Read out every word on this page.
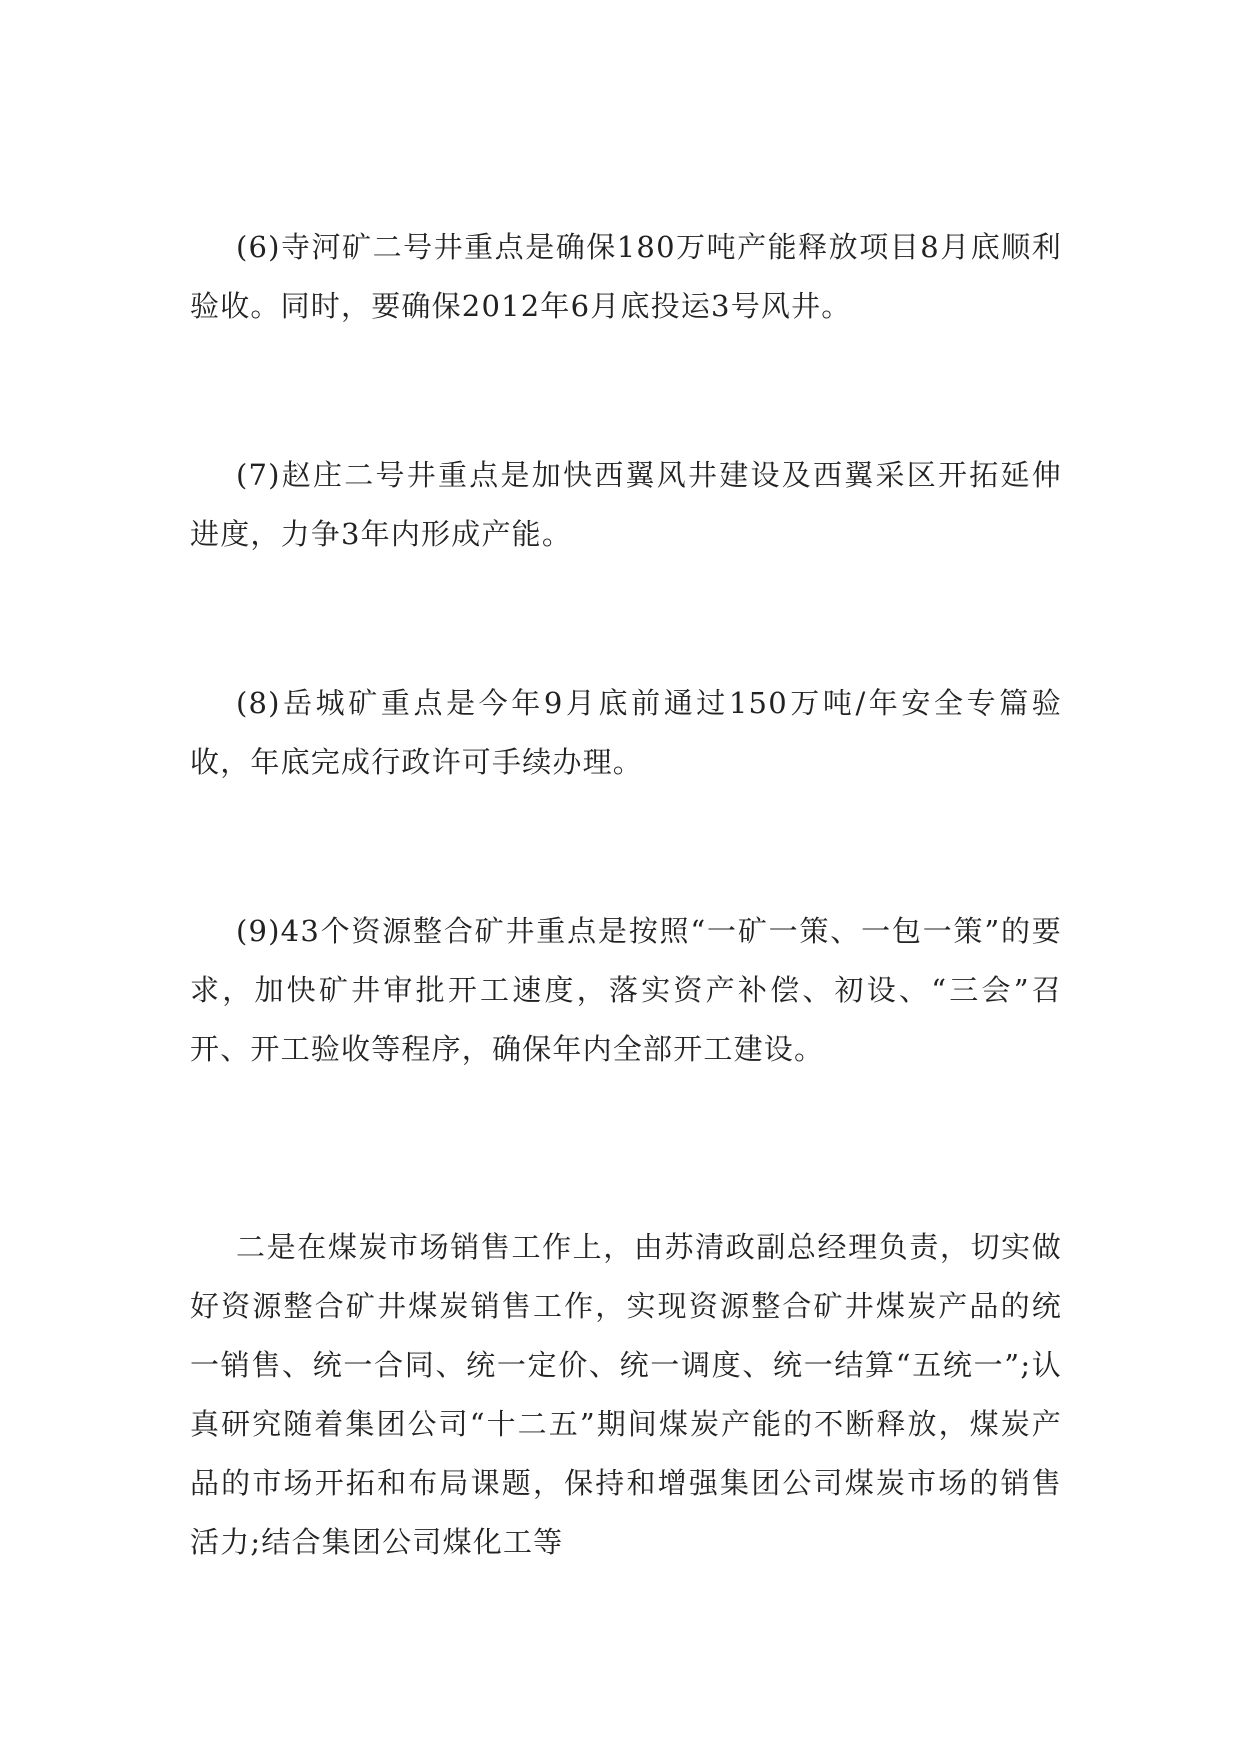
(6)寺河矿二号井重点是确保180万吨产能释放项目8月底顺利验收。同时，要确保2012年6月底投运3号风井。

(7)赵庄二号井重点是加快西翼风井建设及西翼采区开拓延伸进度，力争3年内形成产能。

(8)岳城矿重点是今年9月底前通过150万吨/年安全专篇验收，年底完成行政许可手续办理。

(9)43个资源整合矿井重点是按照“一矿一策、一包一策”的要求，加快矿井审批开工速度，落实资产补偿、初设、“三会”召开、开工验收等程序，确保年内全部开工建设。

二是在煤炭市场销售工作上，由苏清政副总经理负责，切实做好资源整合矿井煤炭销售工作，实现资源整合矿井煤炭产品的统一销售、统一合同、统一定价、统一调度、统一结算“五统一”;认真研究随着集团公司“十二五”期间煤炭产能的不断释放，煤炭产品的市场开拓和布局课题，保持和增强集团公司煤炭市场的销售活力;结合集团公司煤化工等
